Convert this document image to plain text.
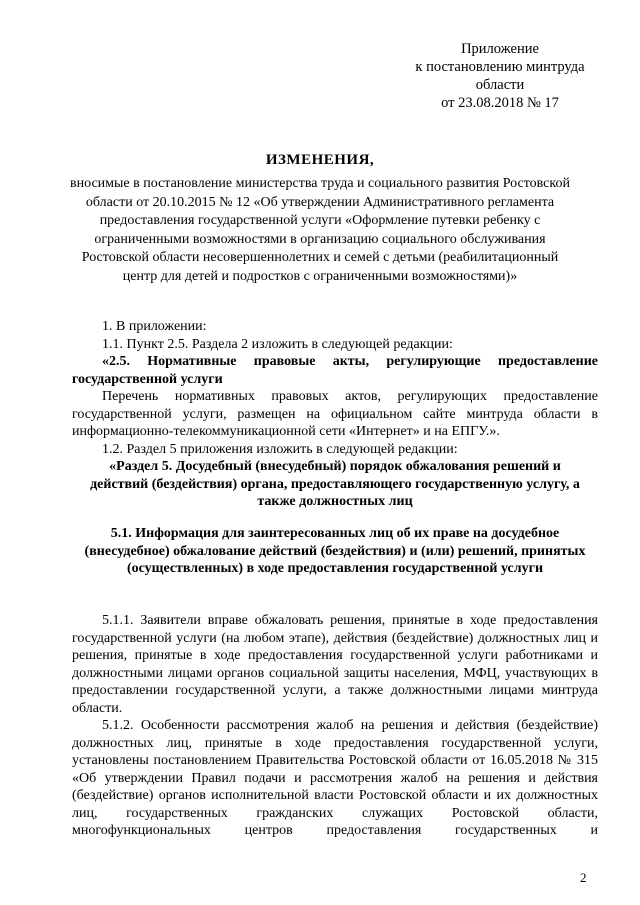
Приложение
к постановлению минтруда
области
от 23.08.2018 № 17
ИЗМЕНЕНИЯ,
вносимые в постановление министерства труда и социального развития Ростовской области от 20.10.2015 № 12 «Об утверждении Административного регламента предоставления государственной услуги «Оформление путевки ребенку с ограниченными возможностями в организацию социального обслуживания Ростовской области несовершеннолетних и семей с детьми (реабилитационный центр для детей и подростков с ограниченными возможностями)»

1. В приложении:

1.1. Пункт 2.5. Раздела 2 изложить в следующей редакции:

«2.5. Нормативные правовые акты, регулирующие предоставление государственной услуги

Перечень нормативных правовых актов, регулирующих предоставление государственной услуги, размещен на официальном сайте минтруда области в информационно-телекоммуникационной сети «Интернет» и на ЕПГУ.».

1.2. Раздел 5 приложения изложить в следующей редакции:

«Раздел 5. Досудебный (внесудебный) порядок обжалования решений и действий (бездействия) органа, предоставляющего государственную услугу, а также должностных лиц

5.1. Информация для заинтересованных лиц об их праве на досудебное (внесудебное) обжалование действий (бездействия) и (или) решений, принятых (осуществленных) в ходе предоставления государственной услуги

5.1.1. Заявители вправе обжаловать решения, принятые в ходе предоставления государственной услуги (на любом этапе), действия (бездействие) должностных лиц и решения, принятые в ходе предоставления государственной услуги работниками и должностными лицами органов социальной защиты населения, МФЦ, участвующих в предоставлении государственной услуги, а также должностными лицами минтруда области.

5.1.2. Особенности рассмотрения жалоб на решения и действия (бездействие) должностных лиц, принятые в ходе предоставления государственной услуги, установлены постановлением Правительства Ростовской области от 16.05.2018 № 315 «Об утверждении Правил подачи и рассмотрения жалоб на решения и действия (бездействие) органов исполнительной власти Ростовской области и их должностных лиц, государственных гражданских служащих Ростовской области, многофункциональных центров предоставления государственных и

2
